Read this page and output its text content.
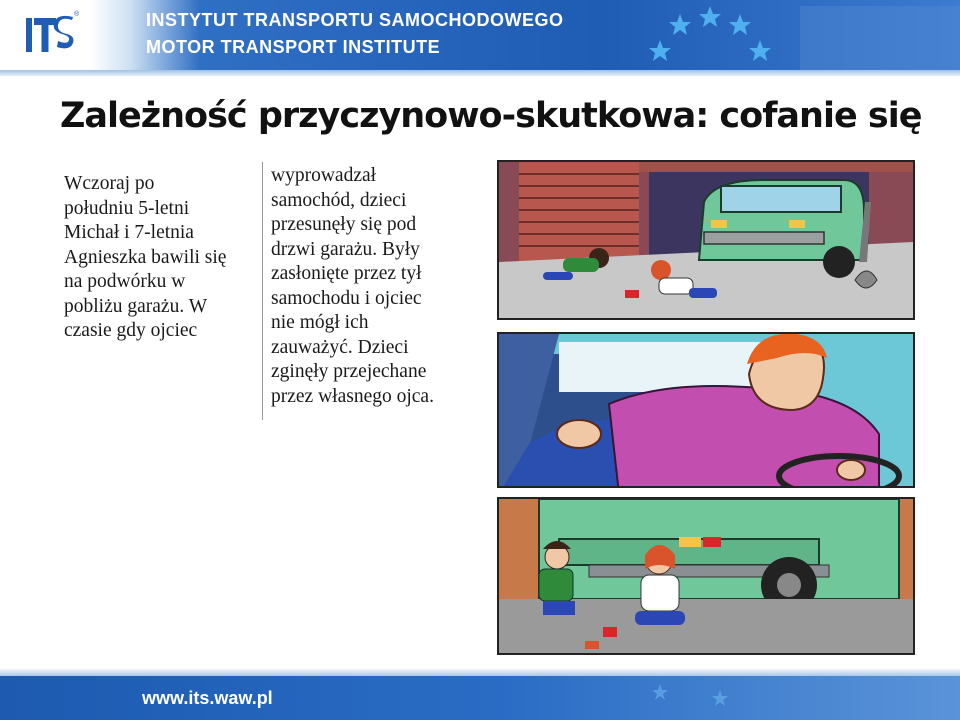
®	INSTYTUT TRANSPORTU SAMOCHODOWEGO
MOTOR TRANSPORT INSTITUTE
Zależność przyczynowo-skutkowa: cofanie się
Wczoraj po
południu 5-letni
Michał i 7-letnia
Agnieszka bawili się
na podwórku w
pobliżu garażu. W
czasie gdy ojciec
wyprowadzał
samochód, dzieci
przesunęły się pod
drzwi garażu. Były
zasłonięte przez tył
samochodu i ojciec
nie mógł ich
zauważyć. Dzieci
zginęły przejechane
przez własnego ojca.
www.its.waw.pl
